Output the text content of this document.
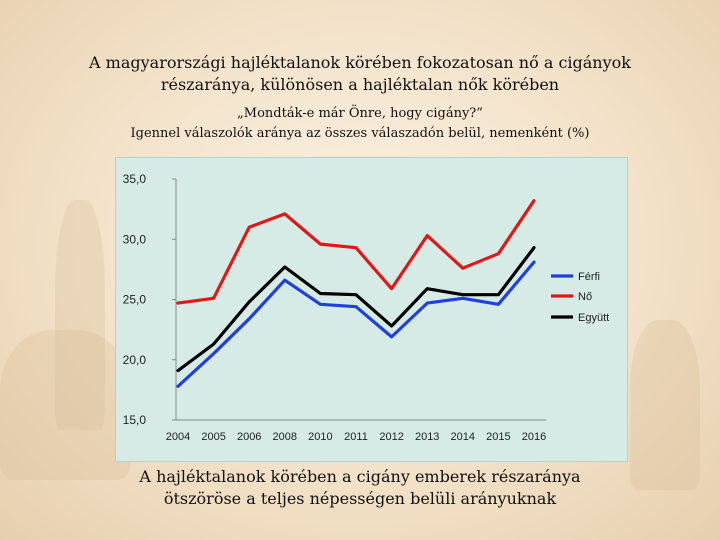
A magyarországi hajléktalanok körében fokozatosan nő a cigányok
részaránya, különösen a hajléktalan nők körében
„Mondták-e már Önre, hogy cigány?”
Igennel válaszolók aránya az összes válaszadón belül, nemenként (%)
15,0
20,0
25,0
30,0
35,0
2004 2005 2006 2008 2010 2011 2012 2013 2014 2015 2016
Férfi
Nő
Együtt
A hajléktalanok körében a cigány emberek részaránya
ötszöröse a teljes népességen belüli arányuknak
